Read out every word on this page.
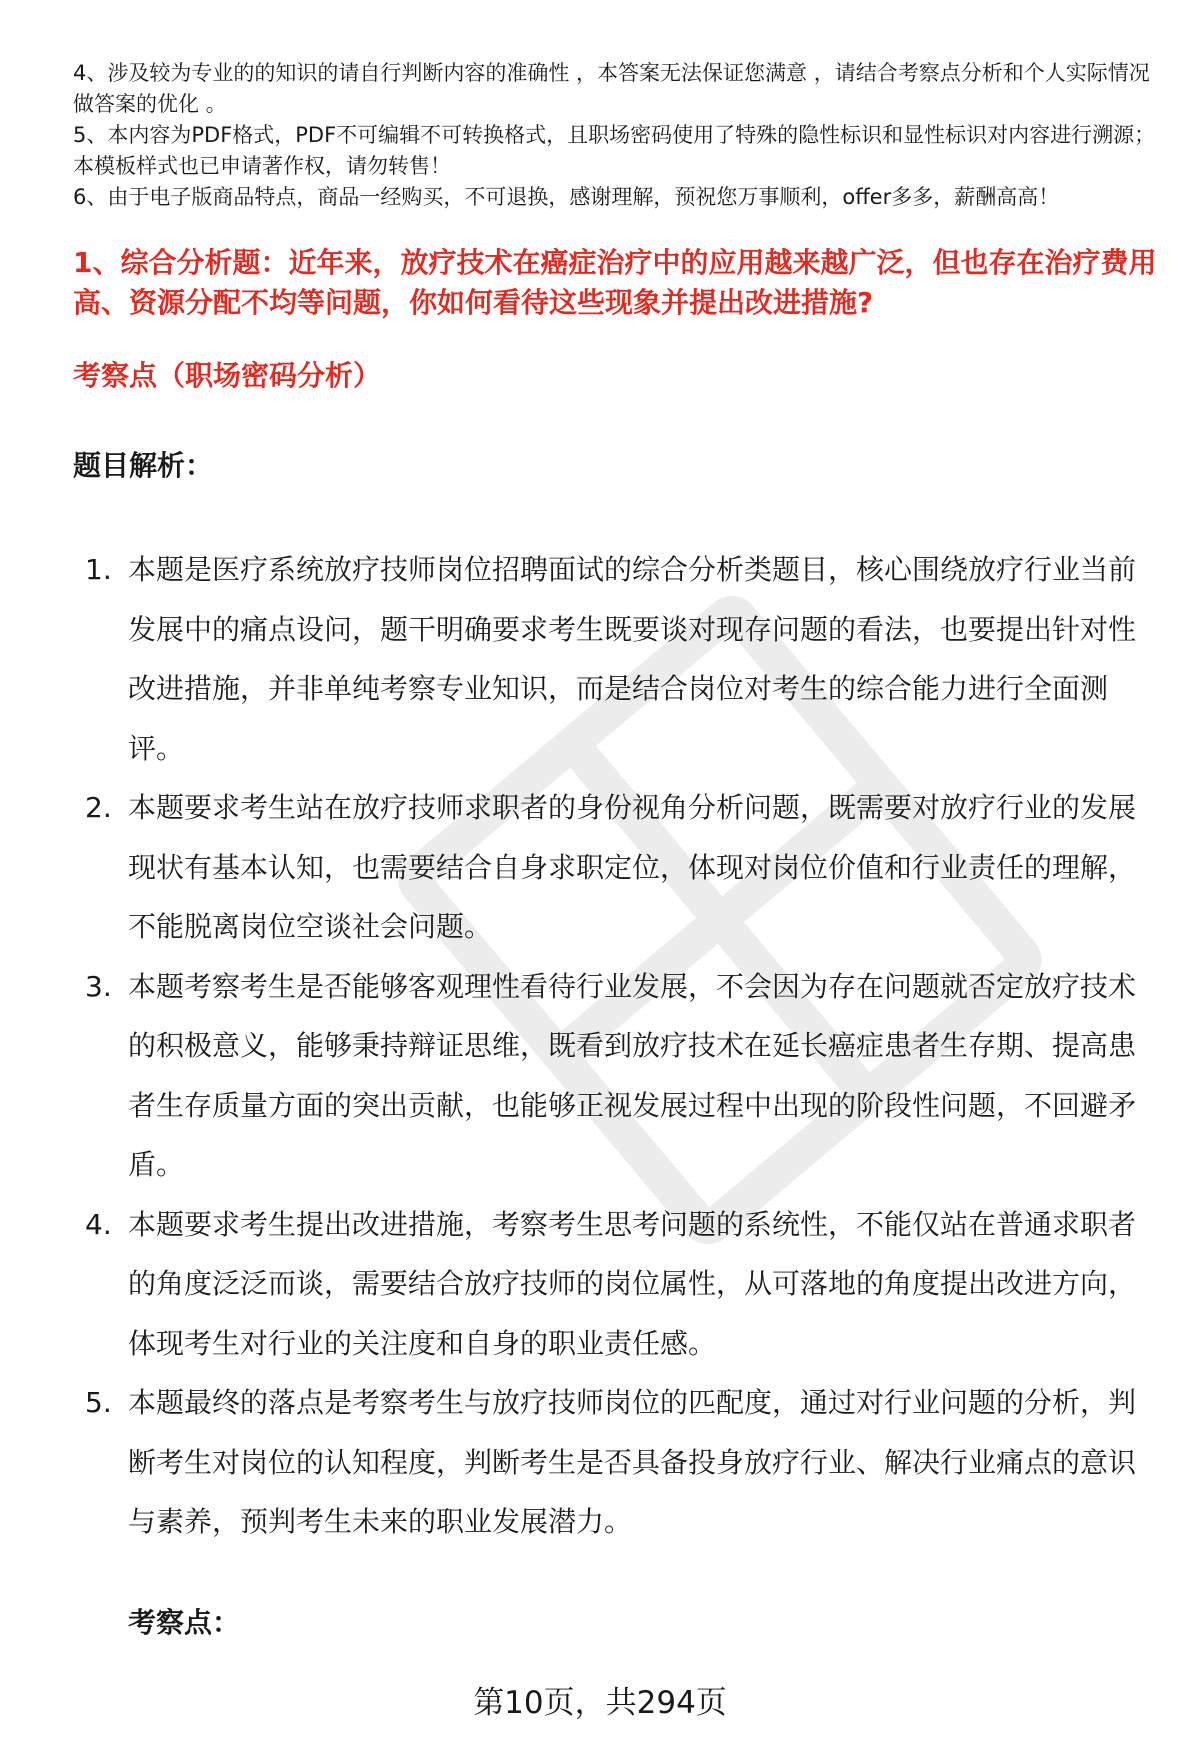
4、涉及较为专业的的知识的请自行判断内容的准确性 ，本答案无法保证您满意 ，请结合考察点分析和个人实际情况做答案的优化 。

5、本内容为PDF格式，PDF不可编辑不可转换格式，且职场密码使用了特殊的隐性标识和显性标识对内容进行溯源；本模板样式也已申请著作权，请勿转售！

6、由于电子版商品特点，商品一经购买，不可退换，感谢理解，预祝您万事顺利，offer多多，薪酬高高！

1、综合分析题：近年来，放疗技术在癌症治疗中的应用越来越广泛，但也存在治疗费用高、资源分配不均等问题，你如何看待这些现象并提出改进措施?
考察点（职场密码分析）
题目解析：
1. 本题是医疗系统放疗技师岗位招聘面试的综合分析类题目，核心围绕放疗行业当前发展中的痛点设问，题干明确要求考生既要谈对现存问题的看法，也要提出针对性改进措施，并非单纯考察专业知识，而是结合岗位对考生的综合能力进行全面测评。
2. 本题要求考生站在放疗技师求职者的身份视角分析问题，既需要对放疗行业的发展现状有基本认知，也需要结合自身求职定位，体现对岗位价值和行业责任的理解，不能脱离岗位空谈社会问题。
3. 本题考察考生是否能够客观理性看待行业发展，不会因为存在问题就否定放疗技术的积极意义，能够秉持辩证思维，既看到放疗技术在延长癌症患者生存期、提高患者生存质量方面的突出贡献，也能够正视发展过程中出现的阶段性问题，不回避矛盾。
4. 本题要求考生提出改进措施，考察考生思考问题的系统性，不能仅站在普通求职者的角度泛泛而谈，需要结合放疗技师的岗位属性，从可落地的角度提出改进方向，体现考生对行业的关注度和自身的职业责任感。
5. 本题最终的落点是考察考生与放疗技师岗位的匹配度，通过对行业问题的分析，判断考生对岗位的认知程度，判断考生是否具备投身放疗行业、解决行业痛点的意识与素养，预判考生未来的职业发展潜力。
考察点：
第10页，共294页
